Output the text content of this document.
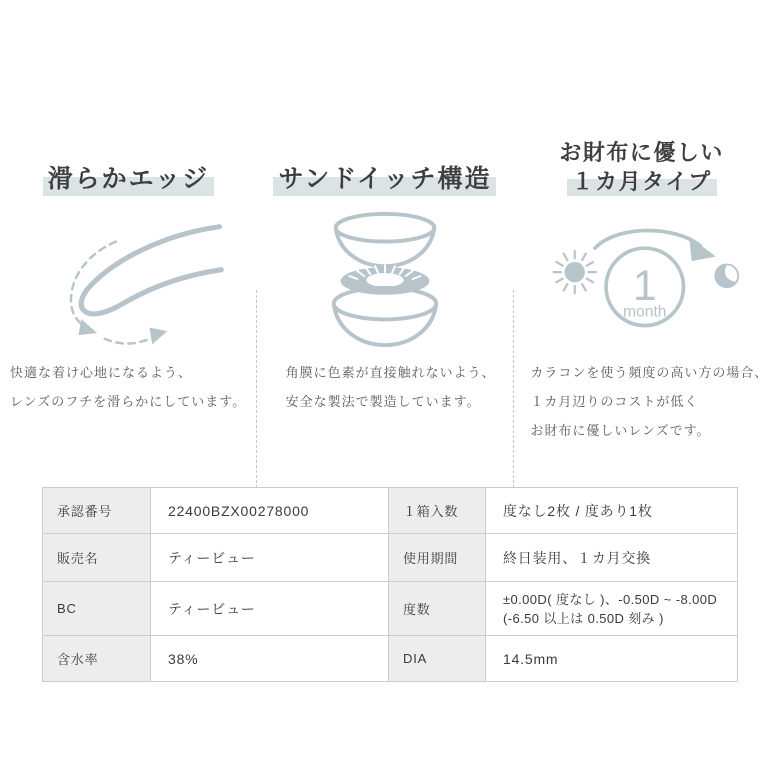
滑らかエッジ
快適な着け心地になるよう、
レンズのフチを滑らかにしています。
サンドイッチ構造
角膜に色素が直接触れないよう、
安全な製法で製造しています。
お財布に優しい
１カ月タイプ
1
month
カラコンを使う頻度の高い方の場合、
１カ月辺りのコストが低く
お財布に優しいレンズです。
承認番号	22400BZX00278000	１箱入数	度なし2枚 / 度あり1枚
販売名	ティービュー	使用期間	終日装用、１カ月交換
BC	ティービュー	度数	±0.00D( 度なし )、-0.50D ~ -8.00D
(-6.50 以上は 0.50D 刻み )

含水率	38%	DIA	14.5mm
